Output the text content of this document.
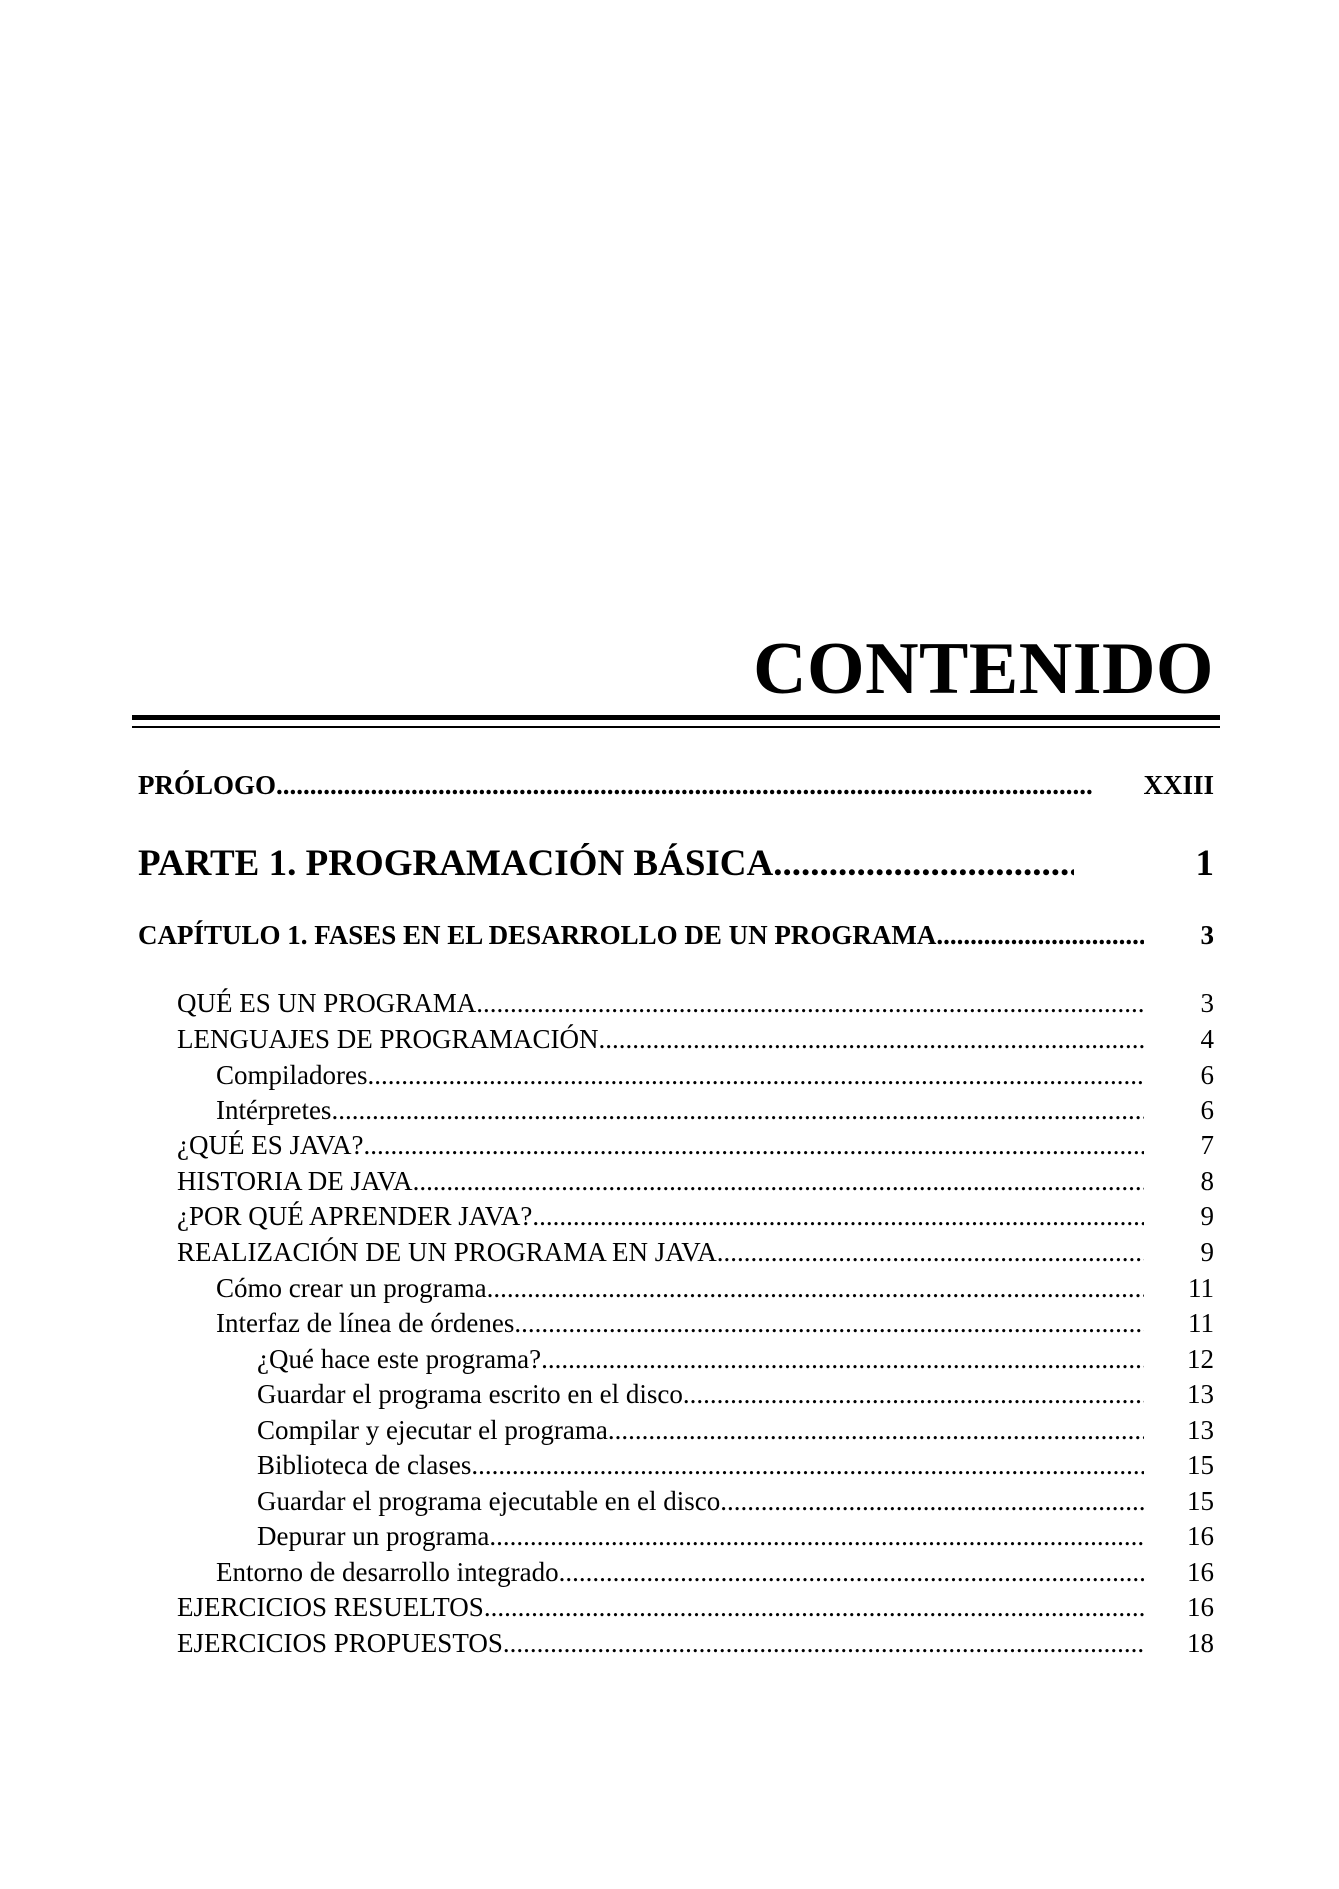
CONTENIDO
PRÓLOGO .....	XXIII
PARTE 1. PROGRAMACIÓN BÁSICA .....	1
CAPÍTULO 1. FASES EN EL DESARROLLO DE UN PROGRAMA .....	3
QUÉ ES UN PROGRAMA .....	3
LENGUAJES DE PROGRAMACIÓN .....	4
Compiladores .....	6
Intérpretes .....	6
¿QUÉ ES JAVA? .....	7
HISTORIA DE JAVA .....	8
¿POR QUÉ APRENDER JAVA? .....	9
REALIZACIÓN DE UN PROGRAMA EN JAVA .....	9
Cómo crear un programa .....	11
Interfaz de línea de órdenes .....	11
¿Qué hace este programa? .....	12
Guardar el programa escrito en el disco .....	13
Compilar y ejecutar el programa .....	13
Biblioteca de clases .....	15
Guardar el programa ejecutable en el disco .....	15
Depurar un programa .....	16
Entorno de desarrollo integrado .....	16
EJERCICIOS RESUELTOS .....	16
EJERCICIOS PROPUESTOS .....	18
